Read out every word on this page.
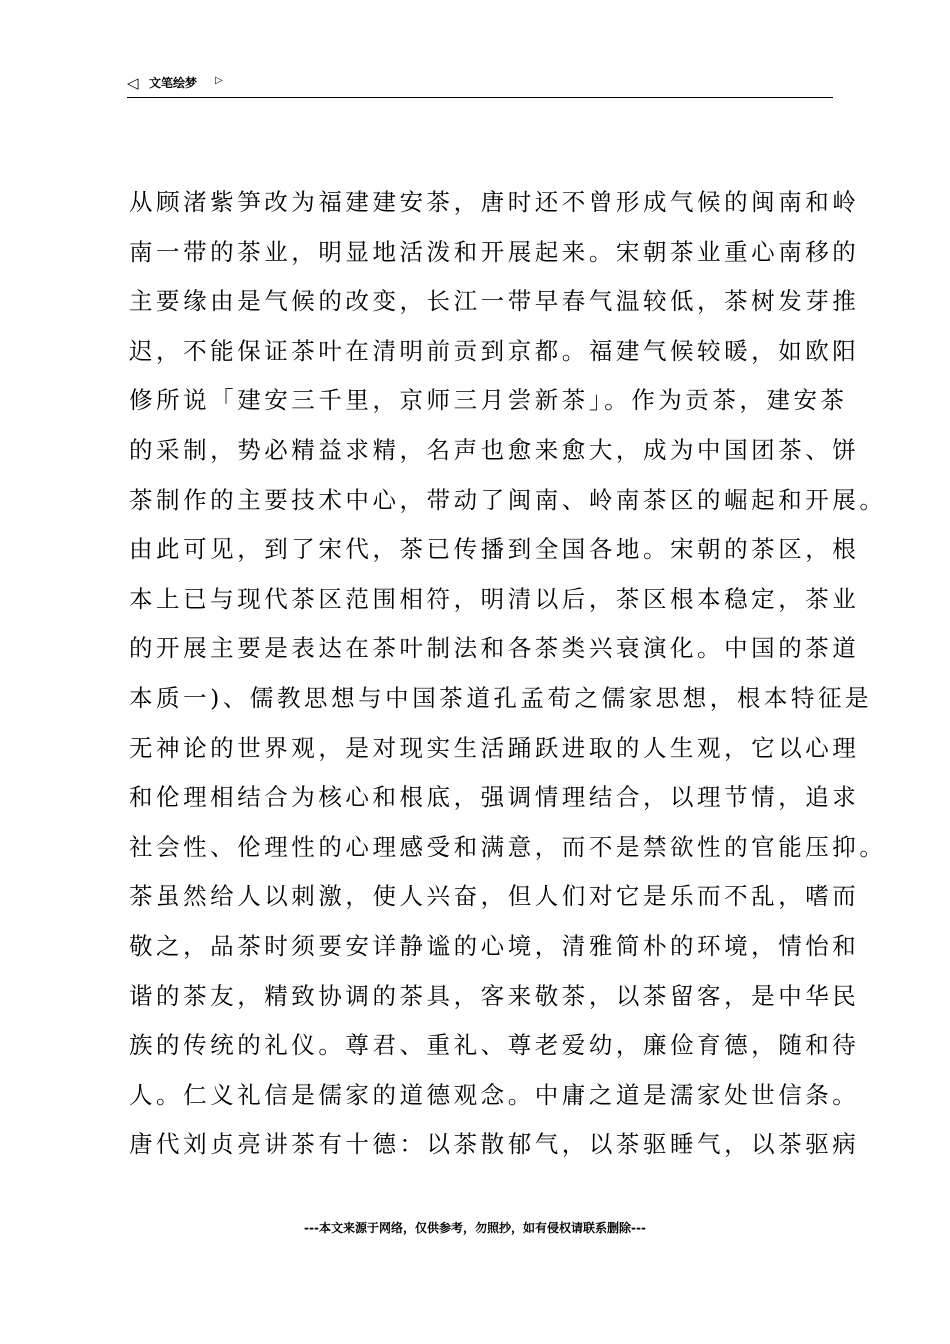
◁ 文笔绘梦 ▷
从顾渚紫笋改为福建建安茶，唐时还不曾形成气候的闽南和岭
南一带的茶业，明显地活泼和开展起来。宋朝茶业重心南移的
主要缘由是气候的改变，长江一带早春气温较低，茶树发芽推
迟，不能保证茶叶在清明前贡到京都。福建气候较暖，如欧阳
修所说「建安三千里，京师三月尝新茶」。作为贡茶，建安茶
的采制，势必精益求精，名声也愈来愈大，成为中国团茶、饼
茶制作的主要技术中心，带动了闽南、岭南茶区的崛起和开展。
由此可见，到了宋代，茶已传播到全国各地。宋朝的茶区，根
本上已与现代茶区范围相符，明清以后，茶区根本稳定，茶业
的开展主要是表达在茶叶制法和各茶类兴衰演化。中国的茶道
本质一)、儒教思想与中国茶道孔孟荀之儒家思想，根本特征是
无神论的世界观，是对现实生活踊跃进取的人生观，它以心理
和伦理相结合为核心和根底，强调情理结合，以理节情，追求
社会性、伦理性的心理感受和满意，而不是禁欲性的官能压抑。
茶虽然给人以刺激，使人兴奋，但人们对它是乐而不乱，嗜而
敬之，品茶时须要安详静谧的心境，清雅简朴的环境，情怡和
谐的茶友，精致协调的茶具，客来敬茶，以茶留客，是中华民
族的传统的礼仪。尊君、重礼、尊老爱幼，廉俭育德，随和待
人。仁义礼信是儒家的道德观念。中庸之道是濡家处世信条。
唐代刘贞亮讲茶有十德：以茶散郁气，以茶驱睡气，以茶驱病
---本文来源于网络，仅供参考，勿照抄，如有侵权请联系删除---
